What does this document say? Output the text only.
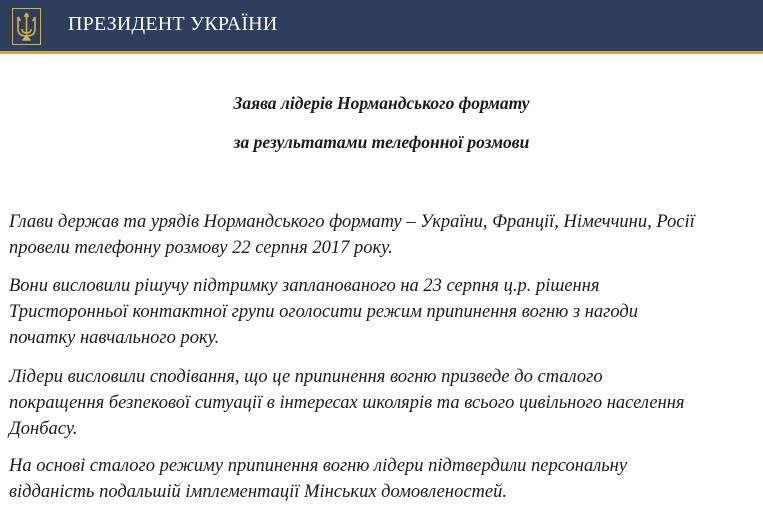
ПРЕЗИДЕНТ УКРАЇНИ
Заява лідерів Нормандського формату
за результатами телефонної розмови
Глави держав та урядів Нормандського формату – України, Франції, Німеччини, Росії
провели телефонну розмову 22 серпня 2017 року.
Вони висловили рішучу підтримку запланованого на 23 серпня ц.р. рішення
Тристоронньої контактної групи оголосити режим припинення вогню з нагоди
початку навчального року.
Лідери висловили сподівання, що це припинення вогню призведе до сталого
покращення безпекової ситуації в інтересах школярів та всього цивільного населення
Донбасу.
На основі сталого режиму припинення вогню лідери підтвердили персональну
відданість подальшій імплементації Мінських домовленостей.
